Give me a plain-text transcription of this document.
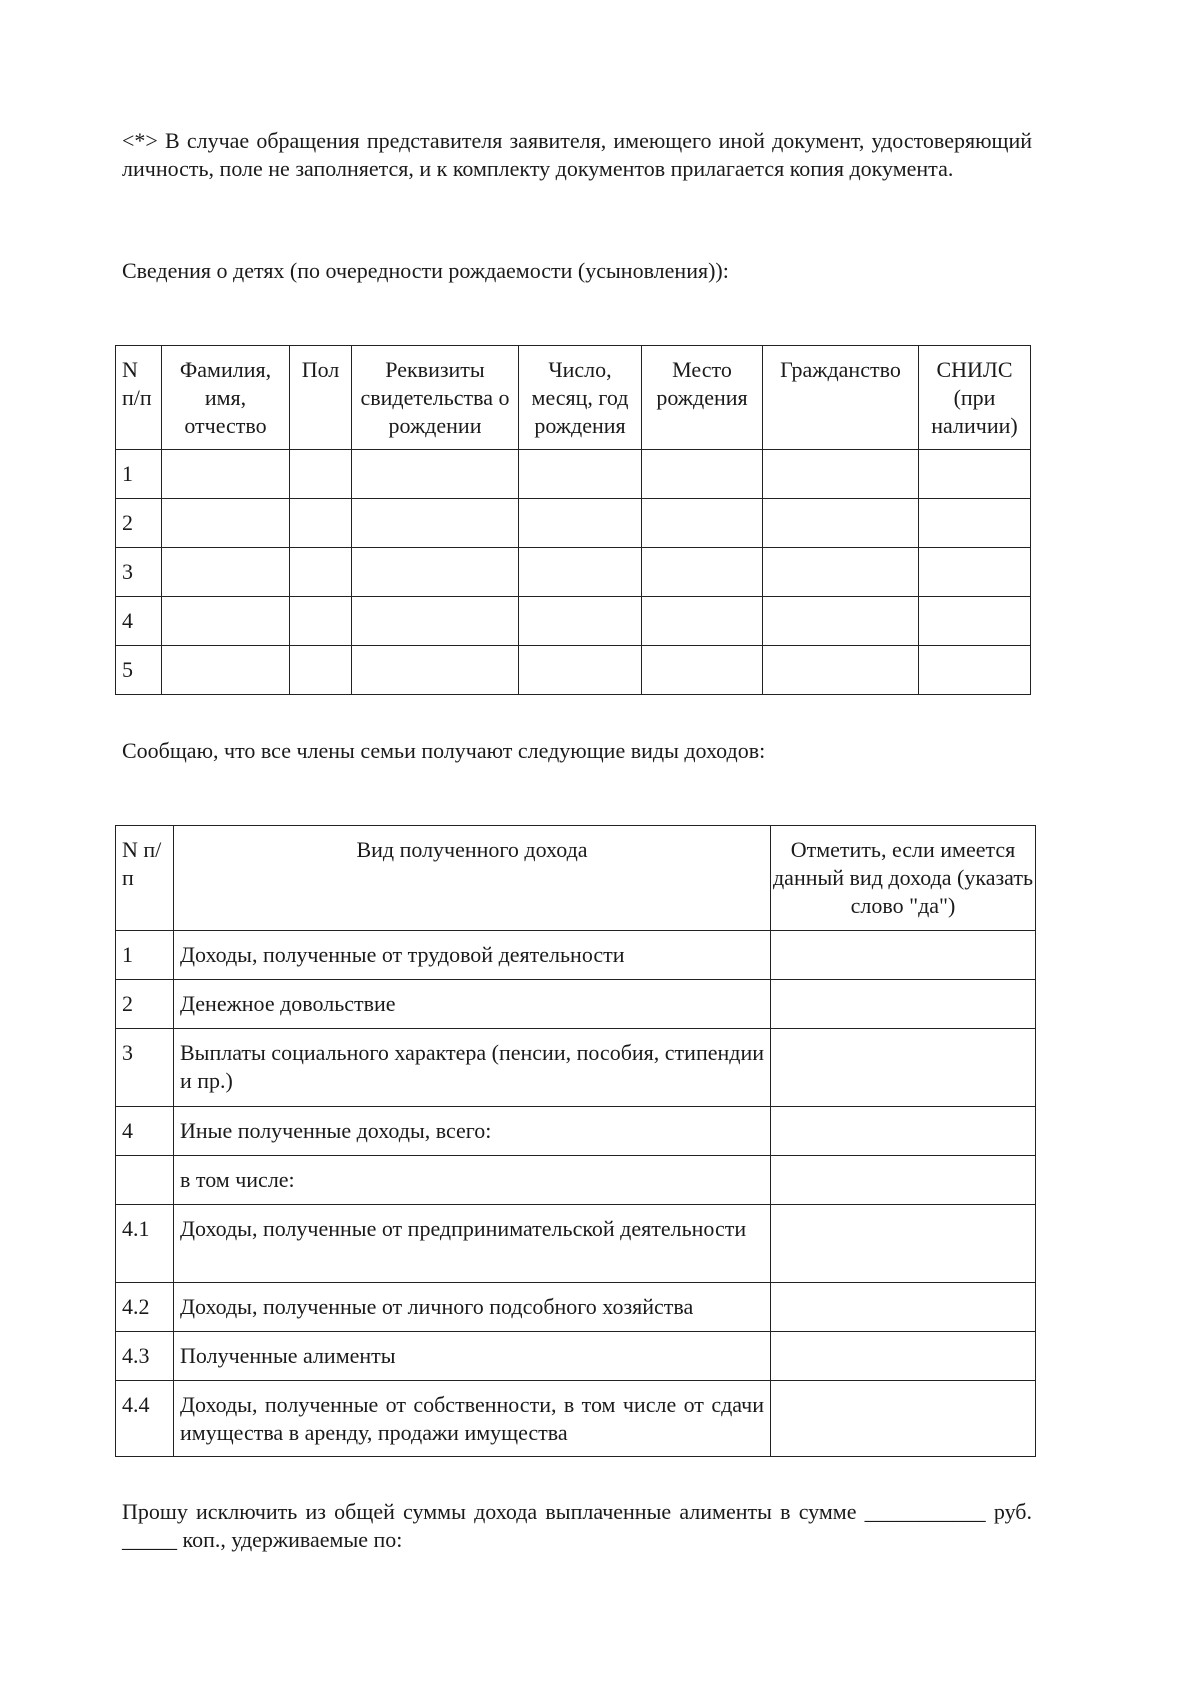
<*> В случае обращения представителя заявителя, имеющего иной документ, удостоверяющий личность, поле не заполняется, и к комплекту документов прилагается копия документа.

Сведения о детях (по очередности рождаемости (усыновления)):

N п/п	Фамилия, имя, отчество	Пол	Реквизиты свидетельства о рождении	Число, месяц, год рождения	Место рождения	Гражданство	СНИЛС (при наличии)
1							
2							
3							
4							
5							

Сообщаю, что все члены семьи получают следующие виды доходов:

N п/п	Вид полученного дохода	Отметить, если имеется данный вид дохода (указать слово "да")
1	Доходы, полученные от трудовой деятельности	
2	Денежное довольствие	
3	Выплаты социального характера (пенсии, пособия, стипендии и пр.)	
4	Иные полученные доходы, всего:	
	в том числе:	
4.1	Доходы, полученные от предпринимательской деятельности	
4.2	Доходы, полученные от личного подсобного хозяйства	
4.3	Полученные алименты	
4.4	Доходы, полученные от собственности, в том числе от сдачи имущества в аренду, продажи имущества	

Прошу исключить из общей суммы дохода выплаченные алименты в сумме ___________ руб. _____ коп., удерживаемые по:
